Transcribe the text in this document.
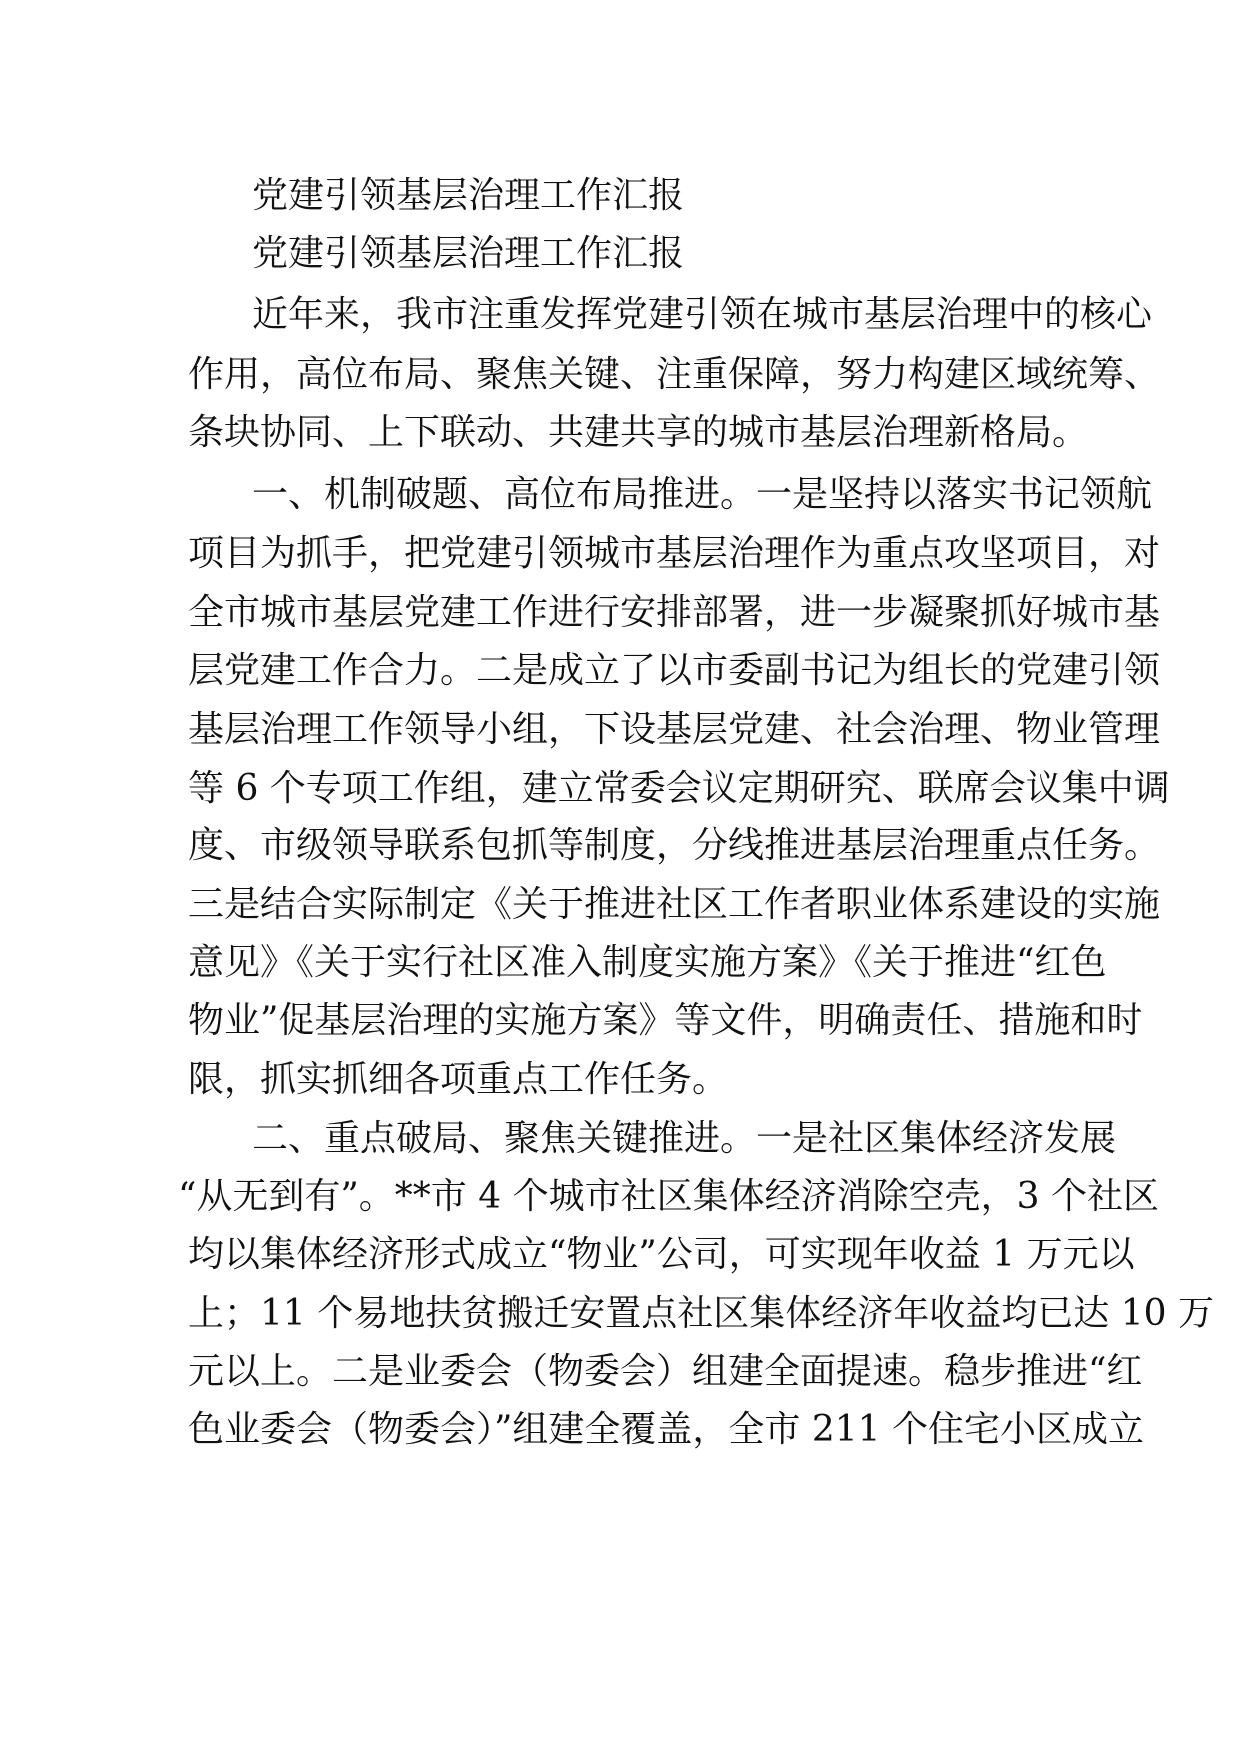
党建引领基层治理工作汇报
党建引领基层治理工作汇报
近年来，我市注重发挥党建引领在城市基层治理中的核心
作用，高位布局、聚焦关键、注重保障，努力构建区域统筹、
条块协同、上下联动、共建共享的城市基层治理新格局。
一、机制破题、高位布局推进。一是坚持以落实书记领航
项目为抓手，把党建引领城市基层治理作为重点攻坚项目，对
全市城市基层党建工作进行安排部署，进一步凝聚抓好城市基
层党建工作合力。二是成立了以市委副书记为组长的党建引领
基层治理工作领导小组，下设基层党建、社会治理、物业管理
等 6 个专项工作组，建立常委会议定期研究、联席会议集中调
度、市级领导联系包抓等制度，分线推进基层治理重点任务。
三是结合实际制定《关于推进社区工作者职业体系建设的实施
意见》《关于实行社区准入制度实施方案》《关于推进“红色
物业”促基层治理的实施方案》等文件，明确责任、措施和时
限，抓实抓细各项重点工作任务。
二、重点破局、聚焦关键推进。一是社区集体经济发展
“从无到有”。**市 4 个城市社区集体经济消除空壳，3 个社区
均以集体经济形式成立“物业”公司，可实现年收益 1 万元以
上；11 个易地扶贫搬迁安置点社区集体经济年收益均已达 10 万
元以上。二是业委会（物委会）组建全面提速。稳步推进“红
色业委会（物委会）”组建全覆盖，全市 211 个住宅小区成立
